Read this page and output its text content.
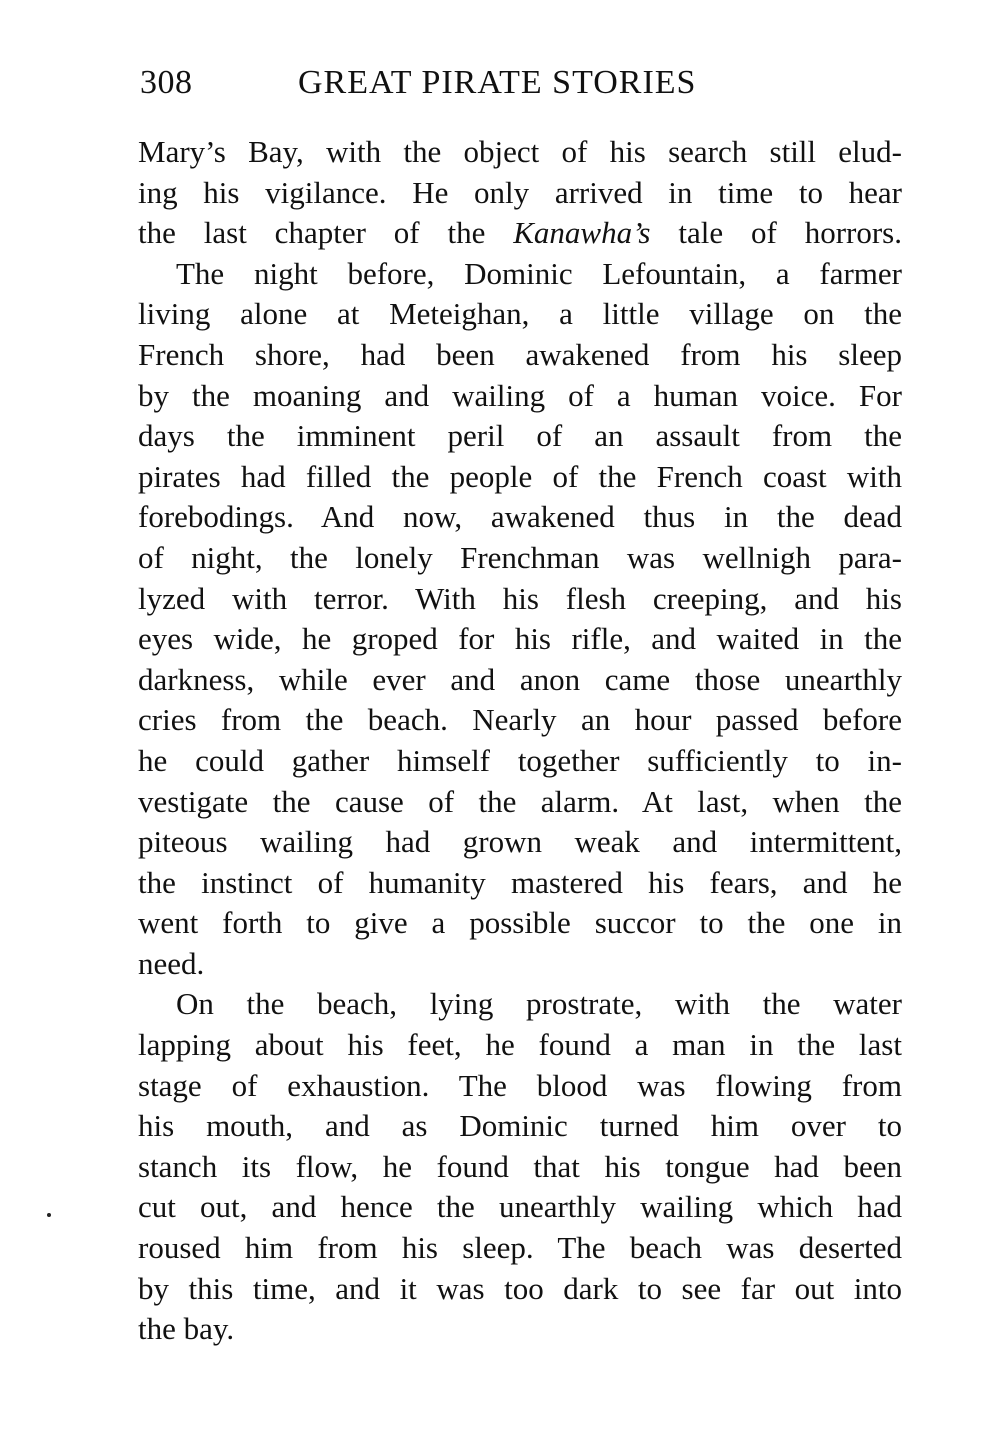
308	GREAT PIRATE STORIES
Mary’s Bay, with the object of his search still elud-
ing his vigilance. He only arrived in time to hear
the last chapter of the Kanawha’s tale of horrors.
The night before, Dominic Lefountain, a farmer
living alone at Meteighan, a little village on the
French shore, had been awakened from his sleep
by the moaning and wailing of a human voice. For
days the imminent peril of an assault from the
pirates had filled the people of the French coast with
forebodings. And now, awakened thus in the dead
of night, the lonely Frenchman was wellnigh para-
lyzed with terror. With his flesh creeping, and his
eyes wide, he groped for his rifle, and waited in the
darkness, while ever and anon came those unearthly
cries from the beach. Nearly an hour passed before
he could gather himself together sufficiently to in-
vestigate the cause of the alarm. At last, when the
piteous wailing had grown weak and intermittent,
the instinct of humanity mastered his fears, and he
went forth to give a possible succor to the one in
need.
On the beach, lying prostrate, with the water
lapping about his feet, he found a man in the last
stage of exhaustion. The blood was flowing from
his mouth, and as Dominic turned him over to
stanch its flow, he found that his tongue had been
cut out, and hence the unearthly wailing which had
roused him from his sleep. The beach was deserted
by this time, and it was too dark to see far out into
the bay.
